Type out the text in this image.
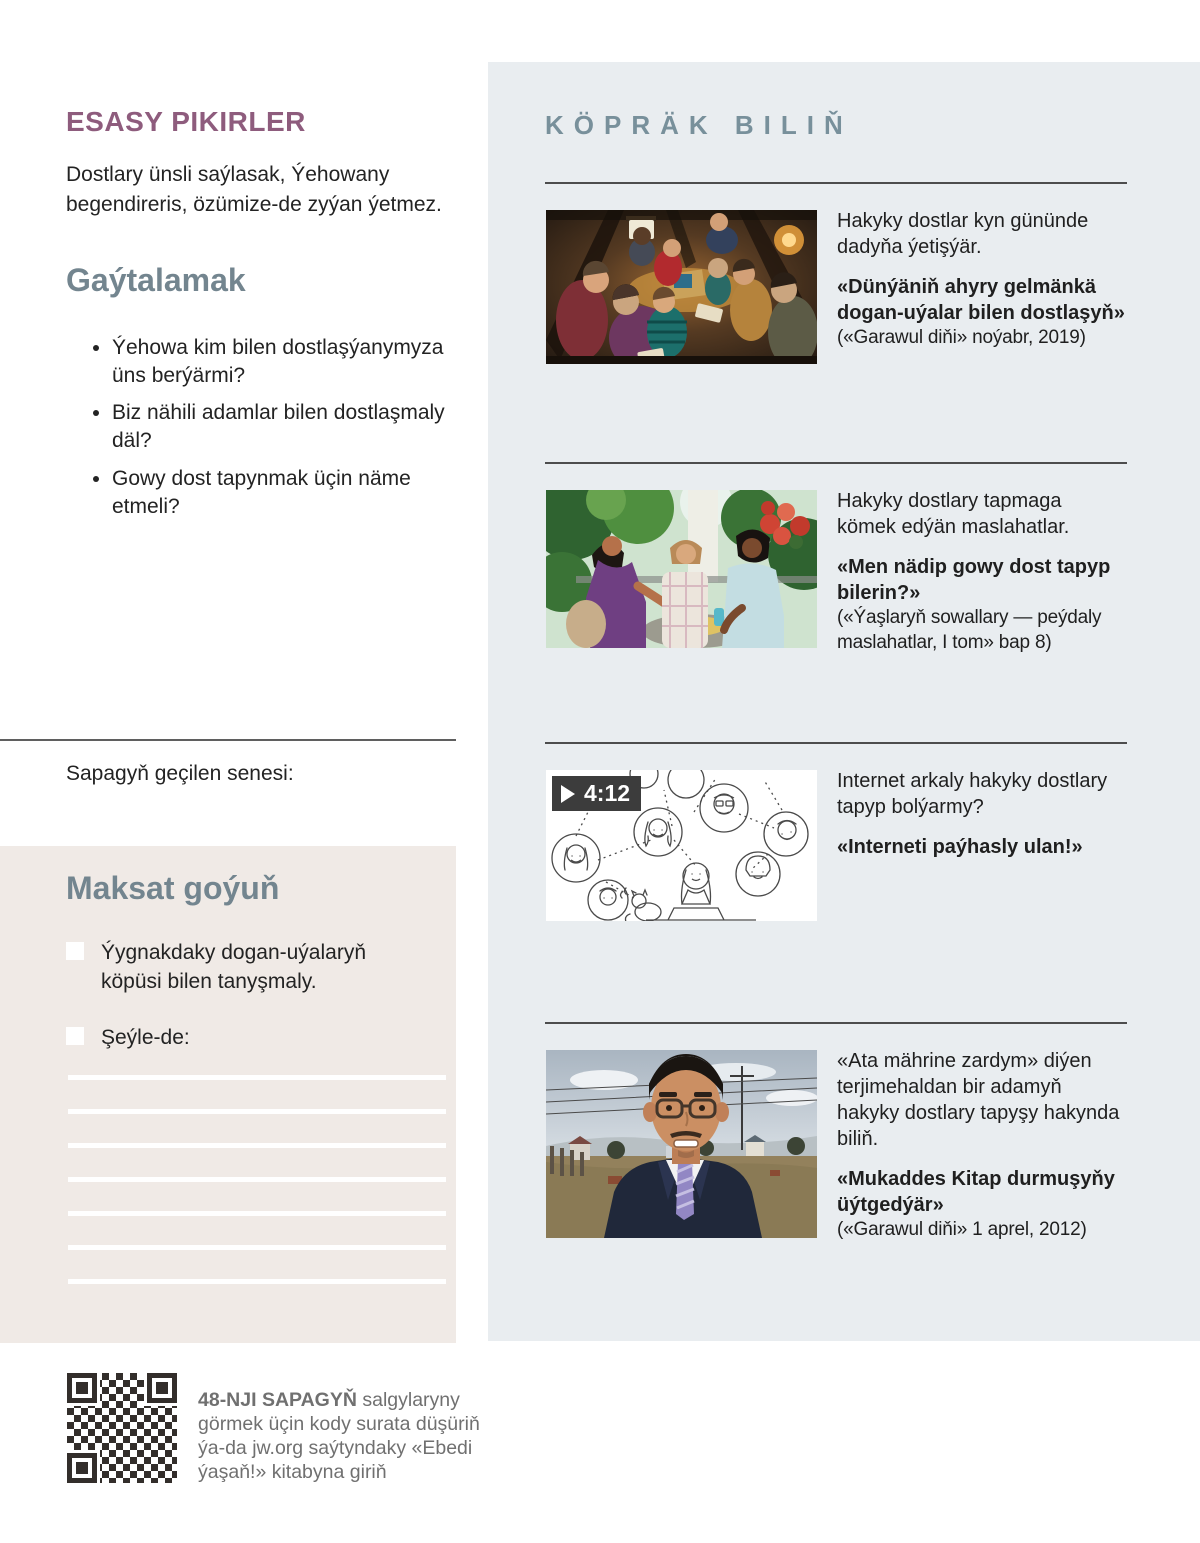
ESASY PIKIRLER

Dostlary ünsli saýlasak, Ýehowany begendireris, özümize-de zyýan ýetmez.

Gaýtalamak
• Ýehowa kim bilen dostlaşýanymyza üns berýärmi?
• Biz nähili adamlar bilen dostlaşmaly däl?
• Gowy dost tapynmak üçin näme etmeli?

Sapagyň geçilen senesi:

Maksat goýuň
Ýygnakdaky dogan-uýalaryň köpüsi bilen tanyşmaly.
Şeýle-de:

48-NJI SAPAGYŇ salgylaryny görmek üçin kody surata düşüriň ýa-da jw.org saýtyndaky «Ebedi ýaşaň!» kitabyna giriň

KÖPRÄK BILIŇ

Hakyky dostlar kyn gününde dadyňa ýetişýär.

«Dünýäniň ahyry gelmänkä dogan-uýalar bilen dostlaşyň»

(«Garawul diňi» noýabr, 2019)

Hakyky dostlary tapmaga kömek edýän maslahatlar.

«Men nädip gowy dost tapyp bilerin?»

(«Ýaşlaryň sowallary — peýdaly maslahatlar, I tom» bap 8)

4:12	Internet arkaly hakyky dostlary tapyp bolýarmy?

«Interneti paýhasly ulan!»

«Ata mährine zardym» diýen terjimehaldan bir adamyň hakyky dostlary tapyşy hakynda biliň.

«Mukaddes Kitap durmuşyňy üýtgedýär»

(«Garawul diňi» 1 aprel, 2012)
